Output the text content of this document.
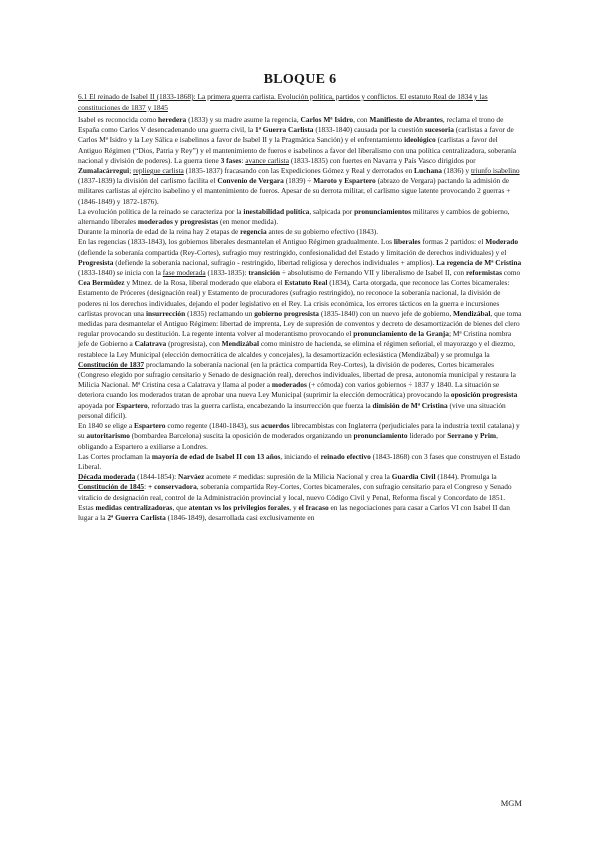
BLOQUE 6

6.1 El reinado de Isabel II (1833-1868): La primera guerra carlista. Evolución política, partidos y conflictos. El estatuto Real de 1834 y las constituciones de 1837 y 1845

Isabel es reconocida como heredera (1833) y su madre asume la regencia, Carlos Mª Isidro, con Manifiesto de Abrantes, reclama el trono de España como Carlos V desencadenando una guerra civil, la 1ª Guerra Carlista (1833-1840) causada por la cuestión sucesoria (carlistas a favor de Carlos Mª Isidro y la Ley Sálica e isabelinos a favor de Isabel II y la Pragmática Sanción) y el enfrentamiento ideológico (carlistas a favor del Antiguo Régimen (“Dios, Patria y Rey”) y el mantenimiento de fueros e isabelinos a favor del liberalismo con una política centralizadora, soberanía nacional y división de poderes). La guerra tiene 3 fases: avance carlista (1833-1835) con fuertes en Navarra y País Vasco dirigidos por Zumalacárregui; repliegue carlista (1835-1837) fracasando con las Expediciones Gómez y Real y derrotados en Luchana (1836) y triunfo isabelino (1837-1839) la división del carlismo facilita el Convenio de Vergara (1839) ÷ Maroto y Espartero (abrazo de Vergara) pactando la admisión de militares carlistas al ejército isabelino y el mantenimiento de fueros. Apesar de su derrota militar, el carlismo sigue latente provocando 2 guerras + (1846-1849) y 1872-1876).

La evolución política de la reinado se caracteriza por la inestabilidad política, salpicada por pronunciamientos militares y cambios de gobierno, alternando liberales moderados y progresistas (en menor medida).

Durante la minoría de edad de la reina hay 2 etapas de regencia antes de su gobierno efectivo (1843).

En las regencias (1833-1843), los gobiernos liberales desmantelan el Antiguo Régimen gradualmente. Los liberales formas 2 partidos: el Moderado (defiende la soberanía compartida (Rey-Cortes), sufragio muy restringido, confesionalidad del Estado y limitación de derechos individuales) y el Progresista (defiende la soberanía nacional, sufragio - restringido, libertad religiosa y derechos individuales + amplios). La regencia de Mª Cristina (1833-1840) se inicia con la fase moderada (1833-1835): transición ÷ absolutismo de Fernando VII y liberalismo de Isabel II, con reformistas como Cea Bermúdez y Mtnez. de la Rosa, liberal moderado que elabora el Estatuto Real (1834), Carta otorgada, que reconoce las Cortes bicamerales: Estamento de Próceres (designación real) y Estamento de procuradores (sufragio restringido), no reconoce la soberanía nacional, la división de poderes ni los derechos individuales, dejando el poder legislativo en el Rey. La crisis económica, los errores tácticos en la guerra e incursiones carlistas provocan una insurrección (1835) reclamando un gobierno progresista (1835-1840) con un nuevo jefe de gobierno, Mendizábal, que toma medidas para desmantelar el Antiguo Régimen: libertad de imprenta, Ley de supresión de conventos y decreto de desamortización de bienes del clero regular provocando su destitución. La regente intenta volver al moderantismo provocando el pronunciamiento de la Granja; Mª Cristina nombra jefe de Gobierno a Calatrava (progresista), con Mendizábal como ministro de hacienda, se elimina el régimen señorial, el mayorazgo y el diezmo, restablece la Ley Municipal (elección democrática de alcaldes y concejales), la desamortización eclesiástica (Mendizábal) y se promulga la Constitución de 1837 proclamando la soberanía nacional (en la práctica compartida Rey-Cortes), la división de poderes, Cortes bicamerales (Congreso elegido por sufragio censitario y Senado de designación real), derechos individuales, libertad de presa, autonomía municipal y restaura la Milicia Nacional. Mª Cristina cesa a Calatrava y llama al poder a moderados (+ cómoda) con varios gobiernos ÷ 1837 y 1840. La situación se deteriora cuando los moderados tratan de aprobar una nueva Ley Municipal (suprimir la elección democrática) provocando la oposición progresista apoyada por Espartero, reforzado tras la guerra carlista, encabezando la insurrección que fuerza la dimisión de Mª Cristina (vive una situación personal difícil).

En 1840 se elige a Espartero como regente (1840-1843), sus acuerdos librecambistas con Inglaterra (perjudiciales para la industria textil catalana) y su autoritarismo (bombardea Barcelona) suscita la oposición de moderados organizando un pronunciamiento liderado por Serrano y Prim, obligando a Espartero a exiliarse a Londres.

Las Cortes proclaman la mayoría de edad de Isabel II con 13 años, iniciando el reinado efectivo (1843-1868) con 3 fases que construyen el Estado Liberal.

Década moderada (1844-1854): Narváez acomete ≠ medidas: supresión de la Milicia Nacional y crea la Guardia Civil (1844). Promulga la Constitución de 1845: + conservadora, soberanía compartida Rey-Cortes, Cortes bicamerales, con sufragio censitario para el Congreso y Senado vitalicio de designación real, control de la Administración provincial y local, nuevo Código Civil y Penal, Reforma fiscal y Concordato de 1851. Estas medidas centralizadoras, que atentan vs los privilegios forales, y el fracaso en las negociaciones para casar a Carlos VI con Isabel II dan lugar a la 2ª Guerra Carlista (1846-1849), desarrollada casi exclusivamente en

MGM
